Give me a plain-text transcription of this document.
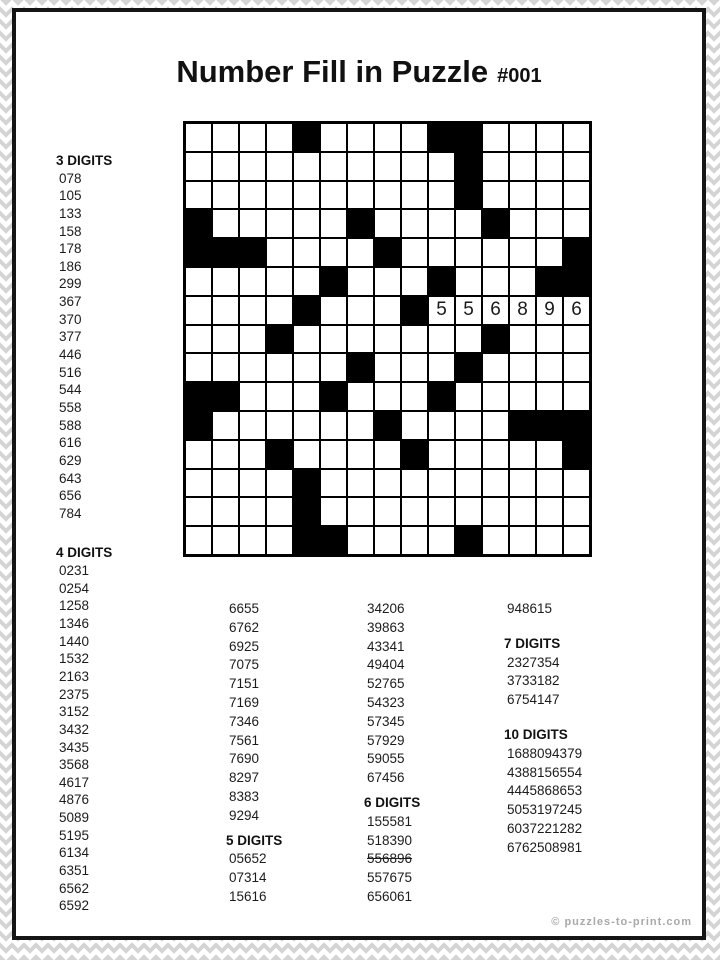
Number Fill in Puzzle #001
5 5 6 8 9 6
3 DIGITS
078
105
133
158
178
186
299
367
370
377
446
516
544
558
588
616
629
643
656
784
4 DIGITS
0231
0254
1258
1346
1440
1532
2163
2375
3152
3432
3435
3568
4617
4876
5089
5195
6134
6351
6562
6592
6655
6762
6925
7075
7151
7169
7346
7561
7690
8297
8383
9294
5 DIGITS
05652
07314
15616
34206
39863
43341
49404
52765
54323
57345
57929
59055
67456
6 DIGITS
155581
518390
556896
557675
656061
948615
7 DIGITS
2327354
3733182
6754147
10 DIGITS
1688094379
4388156554
4445868653
5053197245
6037221282
6762508981
© puzzles-to-print.com
